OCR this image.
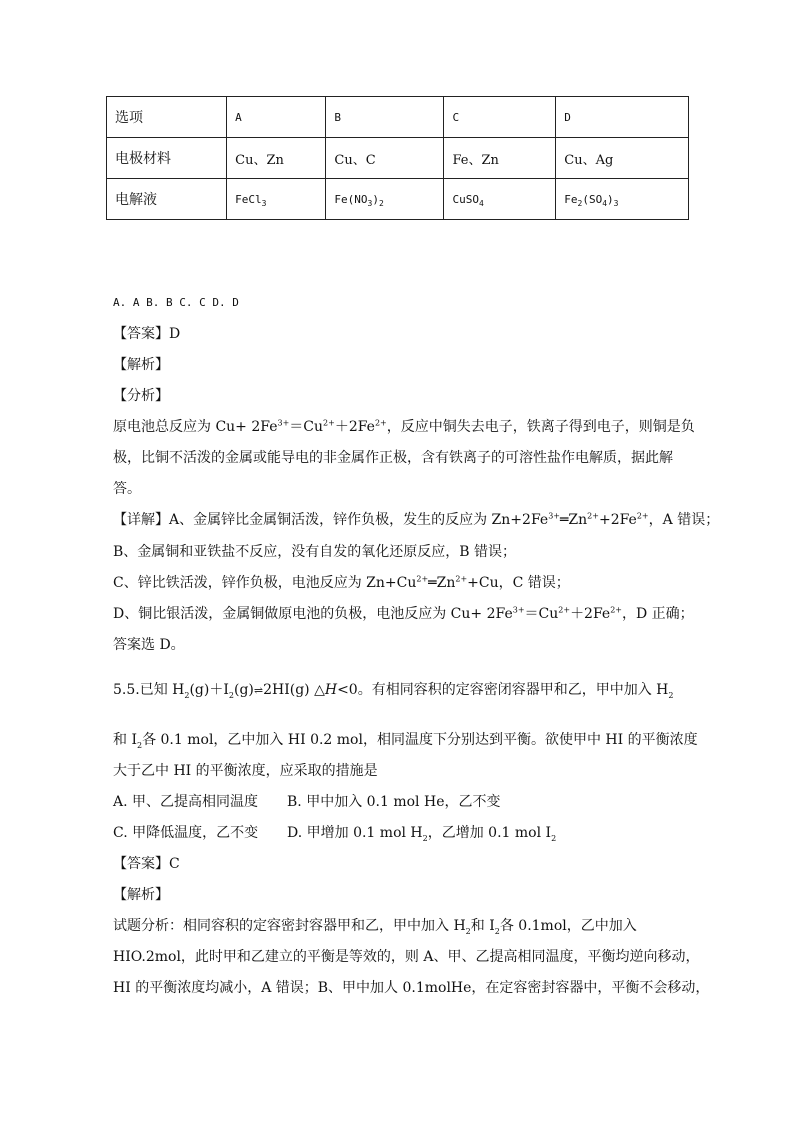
选项	A	B	C	D
电极材料	Cu、Zn	Cu、C	Fe、Zn	Cu、Ag
电解液	FeCl$_3$	$Fe(NO_3)_2$	CuSO$_4$	$Fe_2(SO_4)_3$
A. A B. B C. C D. D
【答案】D
【解析】
【分析】
原电池总反应为 $Cu+ 2Fe^{3+}=Cu^{2+}+2Fe^{2+}$，反应中铜失去电子，铁离子得到电子，则铜是负
极，比铜不活泼的金属或能导电的非金属作正极，含有铁离子的可溶性盐作电解质，据此解
答。
【详解】A、金属锌比金属铜活泼，锌作负极，发生的反应为 $Zn+2Fe^{3+}═Zn^{2+}+2Fe^{2+}$，A 错误；
B、金属铜和亚铁盐不反应，没有自发的氧化还原反应，B 错误；
C、锌比铁活泼，锌作负极，电池反应为 $Zn+Cu^{2+}═Zn^{2+}+Cu$，C 错误；
D、铜比银活泼，金属铜做原电池的负极，电池反应为 $Cu+ 2Fe^{3+}=Cu^{2+}+2Fe^{2+}$，D 正确；
答案选 D。
5.5.已知 $H_2(g)+I_2(g)\rightleftharpoons 2HI(g)$ △H<0。有相同容积的定容密闭容器甲和乙，甲中加入 $H_2$
和 $I_2$各 0.1 mol，乙中加入 HI 0.2 mol，相同温度下分别达到平衡。欲使甲中 HI 的平衡浓度
大于乙中 HI 的平衡浓度，应采取的措施是
A. 甲、乙提高相同温度 B. 甲中加入 0.1 mol He，乙不变
C. 甲降低温度，乙不变 D. 甲增加 0.1 mol $H_2$，乙增加 0.1 mol $I_2$
【答案】C
【解析】
试题分析：相同容积的定容密封容器甲和乙，甲中加入 $H_2$和 $I_2$各 0.1mol，乙中加入
HIO.2mol，此时甲和乙建立的平衡是等效的，则 A、甲、乙提高相同温度，平衡均逆向移动，
HI 的平衡浓度均减小，A 错误；B、甲中加人 0.1molHe，在定容密封容器中，平衡不会移动，
